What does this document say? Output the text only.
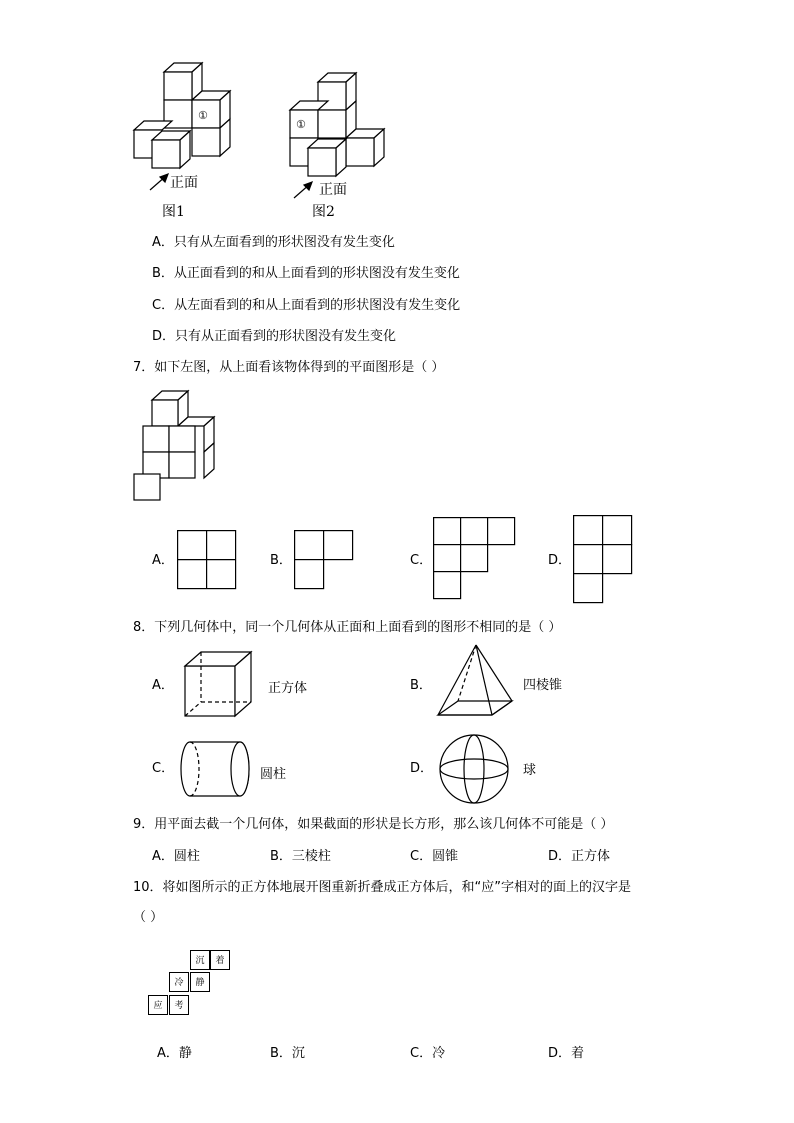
①
正面
图1
①
正面
图2
A．只有从左面看到的形状图没有发生变化
B．从正面看到的和从上面看到的形状图没有发生变化
C．从左面看到的和从上面看到的形状图没有发生变化
D．只有从正面看到的形状图没有发生变化
7．如下左图，从上面看该物体得到的平面图形是（ ）
A．	B．	C．	D．
8．下列几何体中，同一个几何体从正面和上面看到的图形不相同的是（ ）
A．	正方体	B．	四棱锥
C．	圆柱	D．	球
9．用平面去截一个几何体，如果截面的形状是长方形，那么该几何体不可能是（ ）
A．圆柱	B．三棱柱	C．圆锥	D．正方体
10．将如图所示的正方体地展开图重新折叠成正方体后，和“应”字相对的面上的汉字是
（ ）
沉	着
冷	静
应	考
A．静	B．沉	C．冷	D．着
